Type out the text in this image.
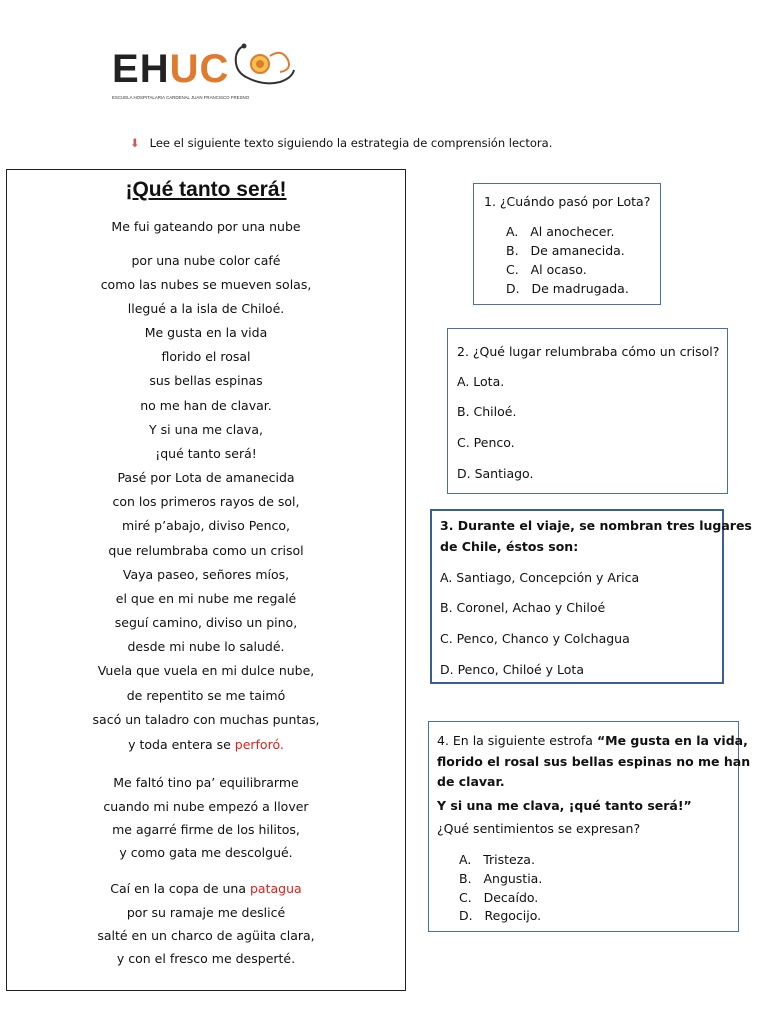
EHUC
ESCUELA HOSPITALARIA CARDENAL JUAN FRANCISCO FRESNO
⬇ Lee el siguiente texto siguiendo la estrategia de comprensión lectora.
¡Qué tanto será!
Me fui gateando por una nube
por una nube color café
como las nubes se mueven solas,
llegué a la isla de Chiloé.
Me gusta en la vida
florido el rosal
sus bellas espinas
no me han de clavar.
Y si una me clava,
¡qué tanto será!
Pasé por Lota de amanecida
con los primeros rayos de sol,
miré p’abajo, diviso Penco,
que relumbraba como un crisol
Vaya paseo, señores míos,
el que en mi nube me regalé
seguí camino, diviso un pino,
desde mi nube lo saludé.
Vuela que vuela en mi dulce nube,
de repentito se me taimó
sacó un taladro con muchas puntas,
y toda entera se perforó.
Me faltó tino pa’ equilibrarme
cuando mi nube empezó a llover
me agarré firme de los hilitos,
y como gata me descolgué.
Caí en la copa de una patagua
por su ramaje me deslicé
salté en un charco de agüita clara,
y con el fresco me desperté.
1. ¿Cuándo pasó por Lota?
A.   Al anochecer.
B.   De amanecida.
C.   Al ocaso.
D.   De madrugada.
2. ¿Qué lugar relumbraba cómo un crisol?
A. Lota.
B. Chiloé.
C. Penco.
D. Santiago.
3. Durante el viaje, se nombran tres lugares
de Chile, éstos son:
A. Santiago, Concepción y Arica
B. Coronel, Achao y Chiloé
C. Penco, Chanco y Colchagua
D. Penco, Chiloé y Lota
4. En la siguiente estrofa “Me gusta en la vida,
florido el rosal sus bellas espinas no me han
de clavar.
Y si una me clava, ¡qué tanto será!”
¿Qué sentimientos se expresan?
A.   Tristeza.
B.   Angustia.
C.   Decaído.
D.   Regocijo.
